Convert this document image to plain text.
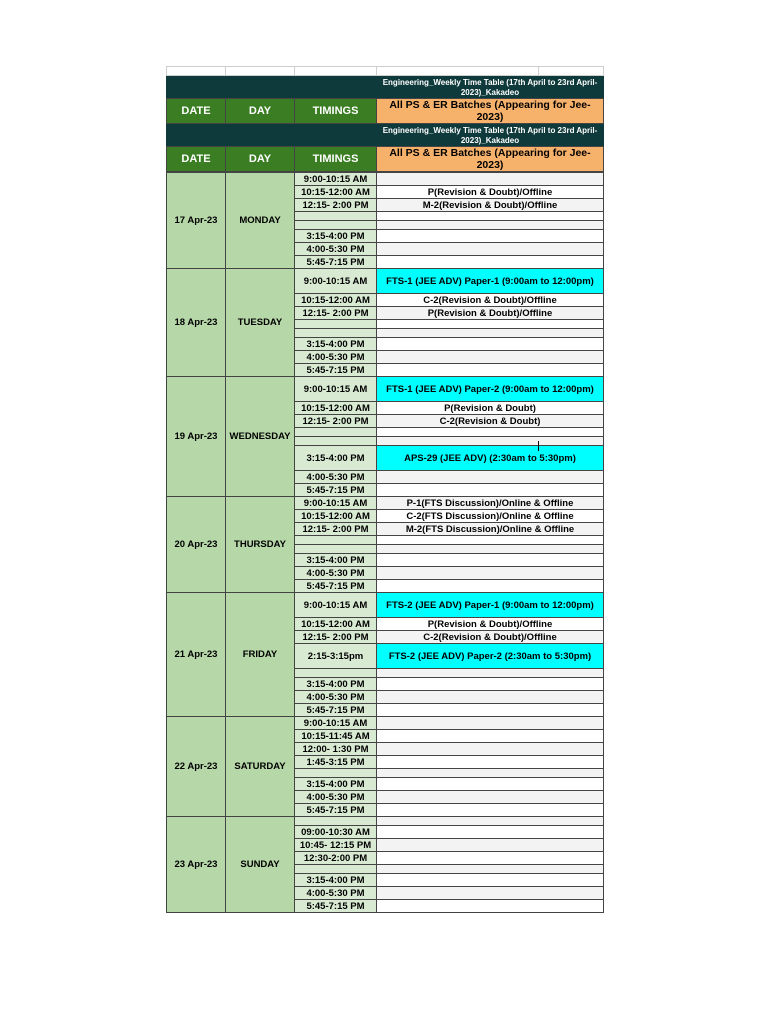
Engineering_Weekly Time Table (17th April to 23rd April-2023)_Kakadeo
DATE	DAY	TIMINGS	All PS & ER Batches (Appearing for Jee-2023)
Engineering_Weekly Time Table (17th April to 23rd April-2023)_Kakadeo
DATE	DAY	TIMINGS	All PS & ER Batches (Appearing for Jee-2023)
17 Apr-23	MONDAY
9:00-10:15 AM
10:15-12:00 AM	P(Revision & Doubt)/Offline
12:15- 2:00 PM	M-2(Revision & Doubt)/Offline
3:15-4:00 PM
4:00-5:30 PM
5:45-7:15 PM
18 Apr-23	TUESDAY
9:00-10:15 AM	FTS-1 (JEE ADV) Paper-1 (9:00am to 12:00pm)
10:15-12:00 AM	C-2(Revision & Doubt)/Offline
12:15- 2:00 PM	P(Revision & Doubt)/Offline
3:15-4:00 PM
4:00-5:30 PM
5:45-7:15 PM
19 Apr-23	WEDNESDAY
9:00-10:15 AM	FTS-1 (JEE ADV) Paper-2 (9:00am to 12:00pm)
10:15-12:00 AM	P(Revision & Doubt)
12:15- 2:00 PM	C-2(Revision & Doubt)
3:15-4:00 PM	APS-29 (JEE ADV) (2:30am to 5:30pm)
4:00-5:30 PM
5:45-7:15 PM
20 Apr-23	THURSDAY
9:00-10:15 AM	P-1(FTS Discussion)/Online & Offline
10:15-12:00 AM	C-2(FTS Discussion)/Online & Offline
12:15- 2:00 PM	M-2(FTS Discussion)/Online & Offline
3:15-4:00 PM
4:00-5:30 PM
5:45-7:15 PM
21 Apr-23	FRIDAY
9:00-10:15 AM	FTS-2 (JEE ADV) Paper-1 (9:00am to 12:00pm)
10:15-12:00 AM	P(Revision & Doubt)/Offline
12:15- 2:00 PM	C-2(Revision & Doubt)/Offline
2:15-3:15pm	FTS-2 (JEE ADV) Paper-2 (2:30am to 5:30pm)
3:15-4:00 PM
4:00-5:30 PM
5:45-7:15 PM
22 Apr-23	SATURDAY
9:00-10:15 AM
10:15-11:45 AM
12:00- 1:30 PM
1:45-3:15 PM
3:15-4:00 PM
4:00-5:30 PM
5:45-7:15 PM
23 Apr-23	SUNDAY
09:00-10:30 AM
10:45- 12:15 PM
12:30-2:00 PM
3:15-4:00 PM
4:00-5:30 PM
5:45-7:15 PM
